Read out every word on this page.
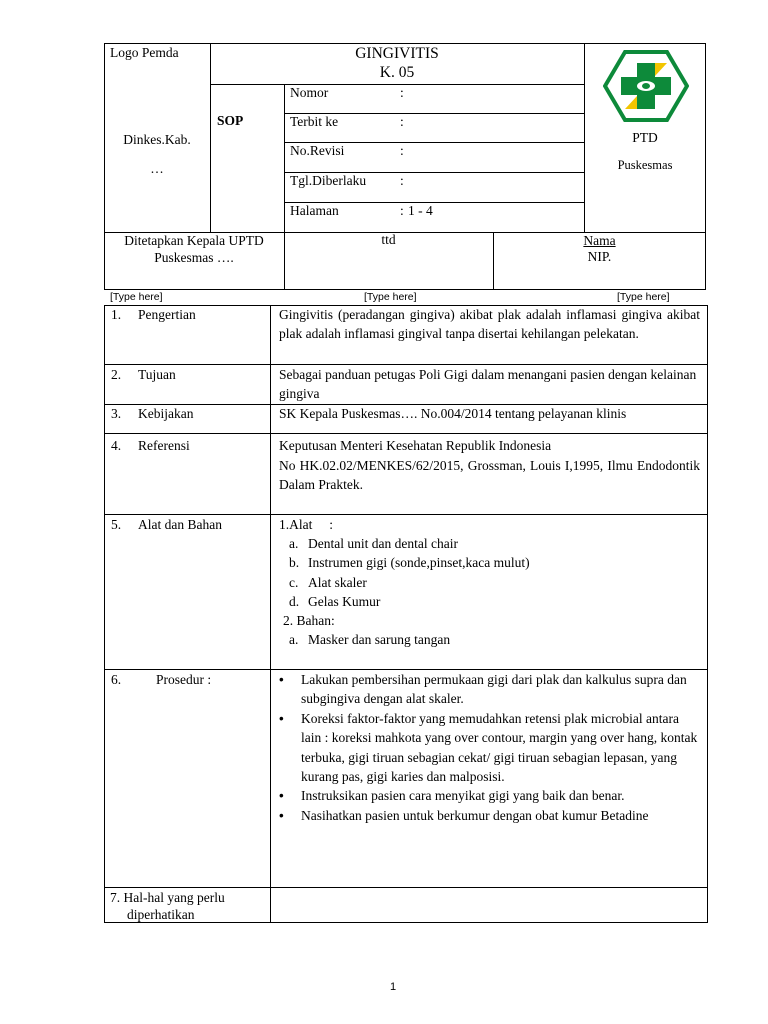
Logo Pemda
Dinkes.Kab.
…
GINGIVITIS
K. 05
SOP
Nomor	:
Terbit ke	:
No.Revisi	:
Tgl.Diberlaku	:
Halaman	: 1 - 4
PTD
Puskesmas
Ditetapkan Kepala UPTD
Puskesmas ….
ttd	Nama
NIP.
[Type here]	[Type here]	[Type here]
1. Pengertian	Gingivitis (peradangan gingiva) akibat plak adalah inflamasi gingiva akibat plak adalah inflamasi gingival tanpa disertai kehilangan pelekatan.
2. Tujuan	Sebagai panduan petugas Poli Gigi dalam menangani pasien dengan kelainan gingiva
3. Kebijakan	SK Kepala Puskesmas…. No.004/2014 tentang pelayanan klinis
4. Referensi	Keputusan Menteri Kesehatan Republik Indonesia
No HK.02.02/MENKES/62/2015, Grossman, Louis I,1995, Ilmu Endodontik Dalam Praktek.
5. Alat dan Bahan	1.Alat     :
a. Dental unit dan dental chair
b. Instrumen gigi (sonde,pinset,kaca mulut)
c. Alat skaler
d. Gelas Kumur
2. Bahan:
a. Masker dan sarung tangan
6.	Prosedur :
•	Lakukan pembersihan permukaan gigi dari plak dan kalkulus supra dan subgingiva dengan alat skaler.
• Koreksi faktor-faktor yang memudahkan retensi plak microbial antara lain : koreksi mahkota yang over contour, margin yang over hang, kontak terbuka, gigi tiruan sebagian cekat/ gigi tiruan sebagian lepasan, yang kurang pas, gigi karies dan malposisi.
• Instruksikan pasien cara menyikat gigi yang baik dan benar.
• Nasihatkan pasien untuk berkumur dengan obat kumur Betadine
7. Hal-hal yang perlu
diperhatikan
1
